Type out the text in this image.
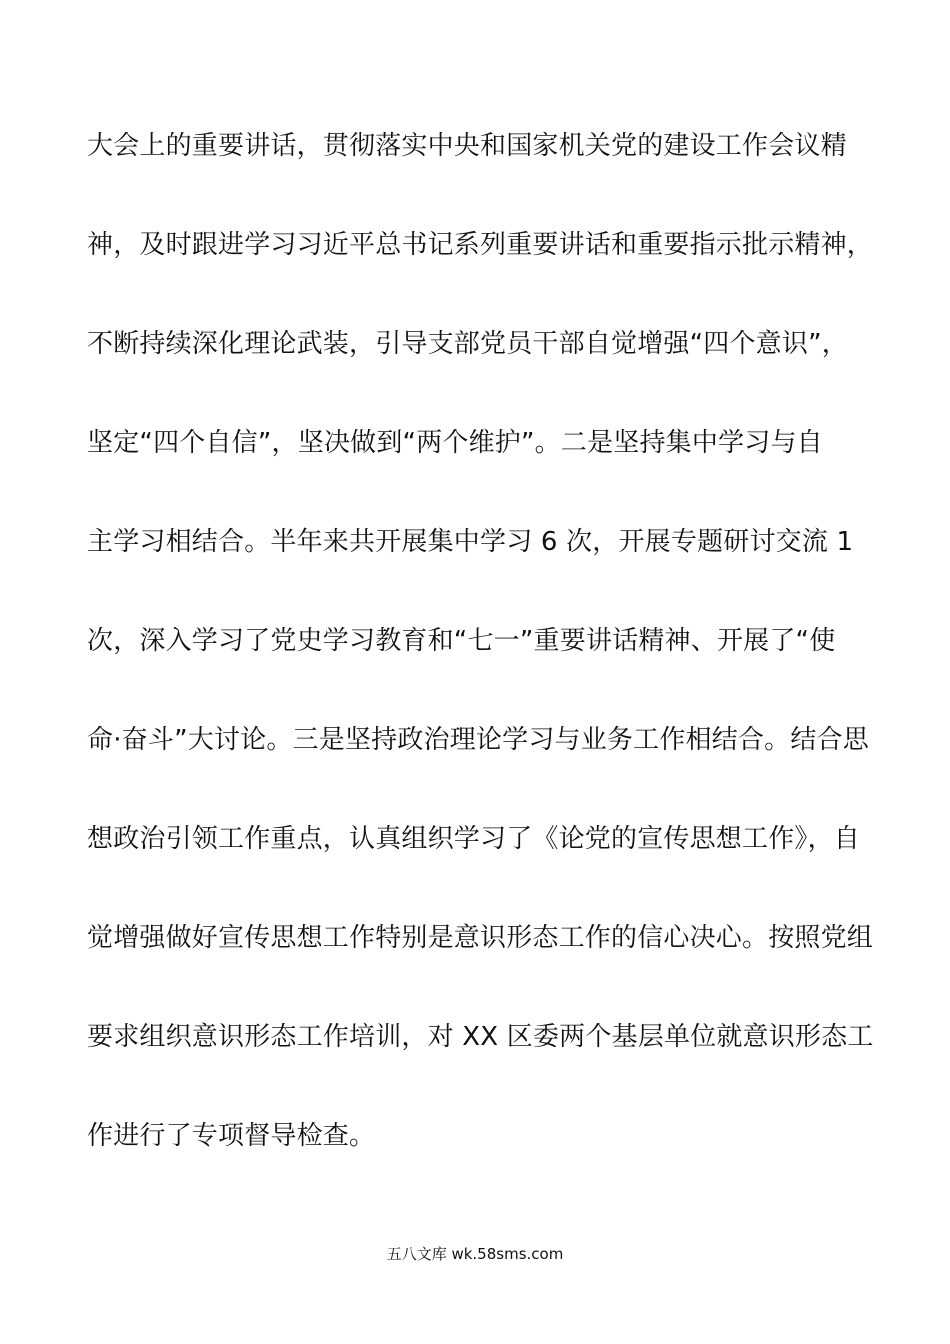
大会上的重要讲话，贯彻落实中央和国家机关党的建设工作会议精
神，及时跟进学习习近平总书记系列重要讲话和重要指示批示精神，
不断持续深化理论武装，引导支部党员干部自觉增强“四个意识”，
坚定“四个自信”，坚决做到“两个维护”。二是坚持集中学习与自
主学习相结合。半年来共开展集中学习 6 次，开展专题研讨交流 1
次，深入学习了党史学习教育和“七一”重要讲话精神、开展了“使
命·奋斗”大讨论。三是坚持政治理论学习与业务工作相结合。结合思
想政治引领工作重点，认真组织学习了《论党的宣传思想工作》，自
觉增强做好宣传思想工作特别是意识形态工作的信心决心。按照党组
要求组织意识形态工作培训，对 XX 区委两个基层单位就意识形态工
作进行了专项督导检查。
五八文库 wk.58sms.com
